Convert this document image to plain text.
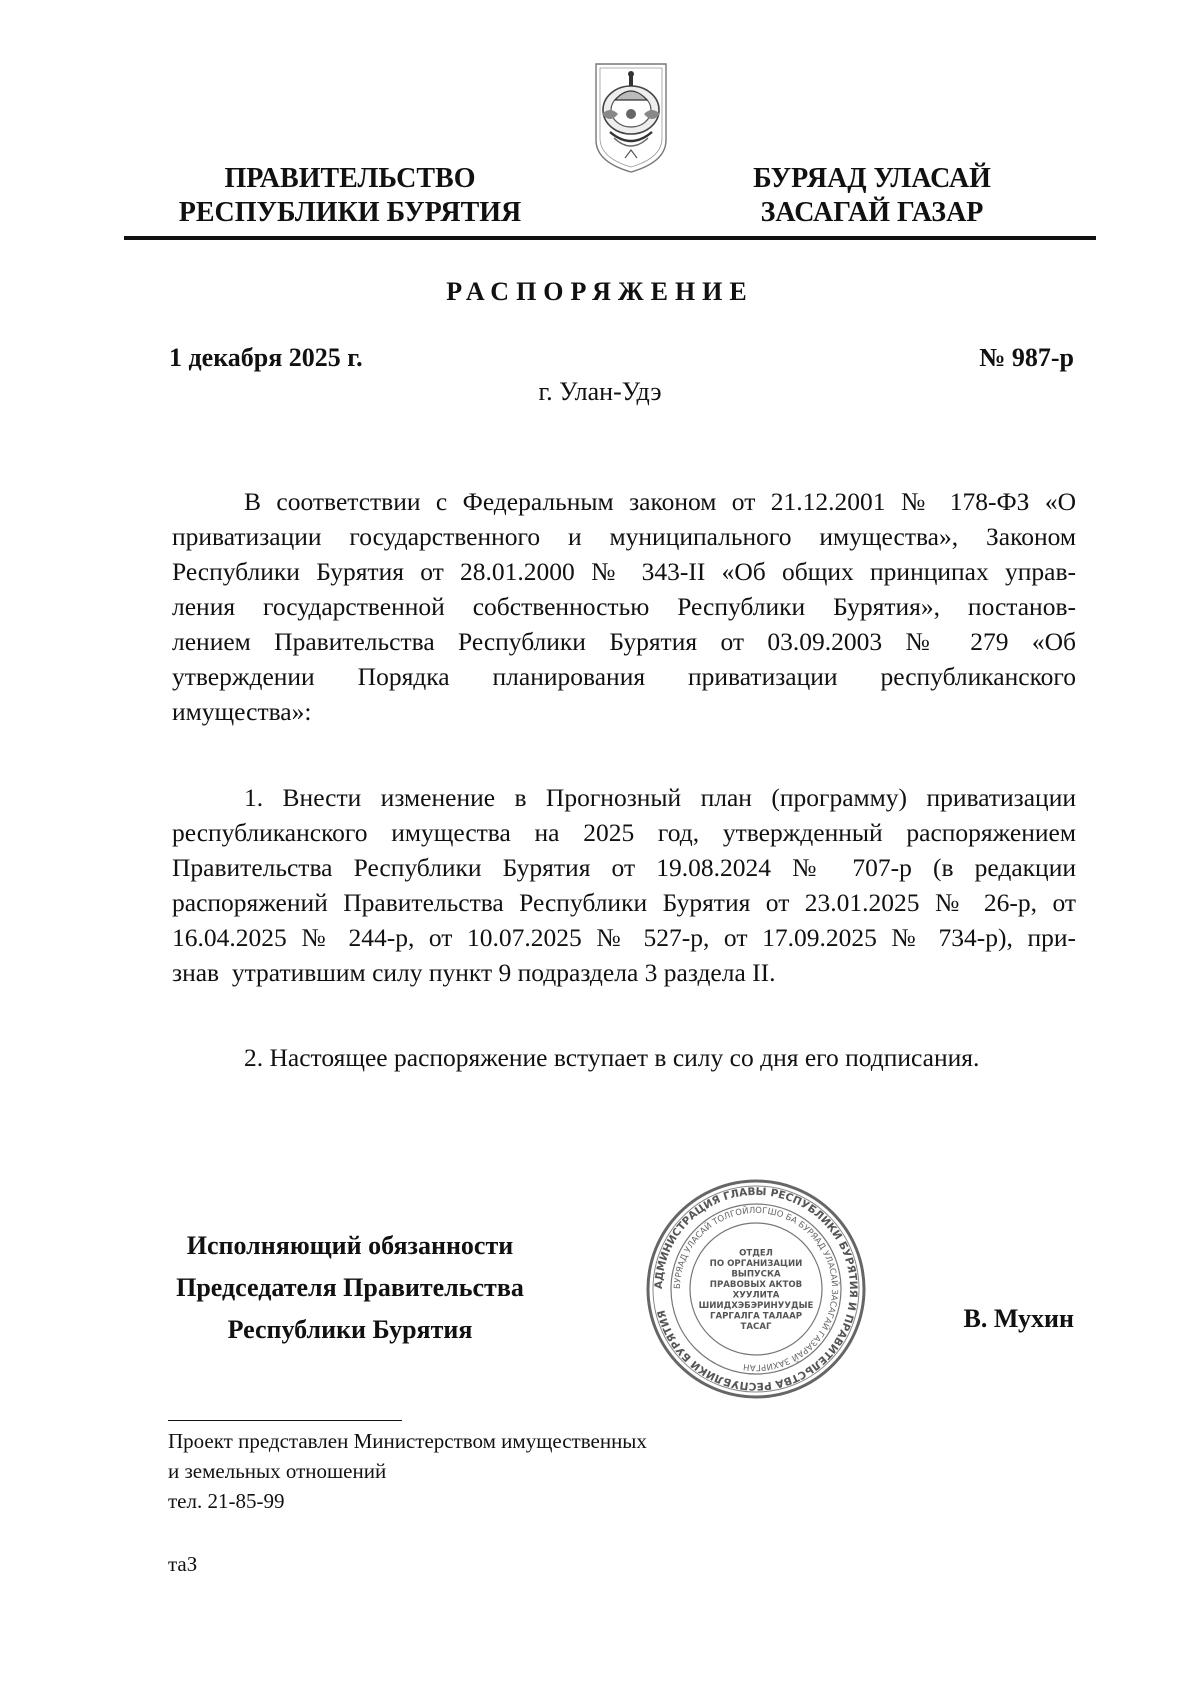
ПРАВИТЕЛЬСТВО
РЕСПУБЛИКИ БУРЯТИЯ
БУРЯАД УЛАСАЙ
ЗАСАГАЙ ГАЗАР
РАСПОРЯЖЕНИЕ
1 декабря 2025 г.	№ 987-р
г. Улан-Удэ
В соответствии с Федеральным законом от 21.12.2001 № 178-ФЗ «О
приватизации государственного и муниципального имущества», Законом
Республики Бурятия от 28.01.2000 № 343-II «Об общих принципах управ-
ления государственной собственностью Республики Бурятия», постанов-
лением Правительства Республики Бурятия от 03.09.2003 № 279 «Об
утверждении Порядка планирования приватизации республиканского
имущества»:
1. Внести изменение в Прогнозный план (программу) приватизации
республиканского имущества на 2025 год, утвержденный распоряжением
Правительства Республики Бурятия от 19.08.2024 № 707-р (в редакции
распоряжений Правительства Республики Бурятия от 23.01.2025 № 26-р, от
16.04.2025 № 244-р, от 10.07.2025 № 527-р, от 17.09.2025 № 734-р), при-
знав  утратившим силу пункт 9 подраздела 3 раздела II.
2. Настоящее распоряжение вступает в силу со дня его подписания.
Исполняющий обязанности
Председателя Правительства
Республики Бурятия	В. Мухин
АДМИНИСТРАЦИЯ ГЛАВЫ РЕСПУБЛИКИ БУРЯТИЯ И ПРАВИТЕЛЬСТВА РЕСПУБЛИКИ БУРЯТИЯ
БУРЯАД УЛАСАЙ ТОЛГОЙЛОГШО БА БУРЯАД УЛАСАЙ ЗАСАГАЙ ГАЗАРАЙ ЗАХИРГАН
ОТДЕЛ
ПО ОРГАНИЗАЦИИ
ВЫПУСКА
ПРАВОВЫХ АКТОВ
ХУУЛИТА
ШИИДХЭБЭРИНУУДЫЕ
ГАРГАЛГА ТАЛААР
ТАСАГ
Проект представлен Министерством имущественных
и земельных отношений
тел. 21-85-99
таЗ
